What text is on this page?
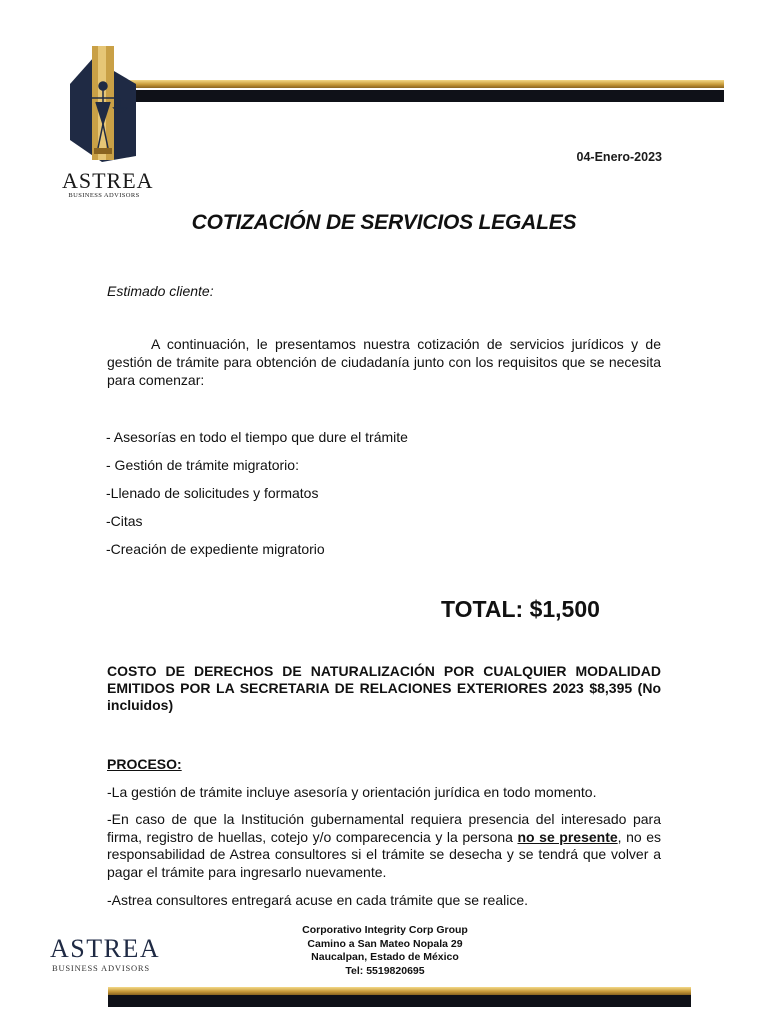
ASTREA
BUSINESS ADVISORS
04-Enero-2023
COTIZACIÓN DE SERVICIOS LEGALES
Estimado cliente:
A continuación, le presentamos nuestra cotización de servicios jurídicos y de gestión de trámite para obtención de ciudadanía junto con los requisitos que se necesita para comenzar:
- Asesorías en todo el tiempo que dure el trámite
- Gestión de trámite migratorio:
-Llenado de solicitudes y formatos
-Citas
-Creación de expediente migratorio
TOTAL: $1,500
COSTO DE DERECHOS DE NATURALIZACIÓN POR CUALQUIER MODALIDAD EMITIDOS POR LA SECRETARIA DE RELACIONES EXTERIORES 2023 $8,395 (No incluidos)
PROCESO:
-La gestión de trámite incluye asesoría y orientación jurídica en todo momento.
-En caso de que la Institución gubernamental requiera presencia del interesado para firma, registro de huellas, cotejo y/o comparecencia y la persona no se presente, no es responsabilidad de Astrea consultores si el trámite se desecha y se tendrá que volver a pagar el trámite para ingresarlo nuevamente.
-Astrea consultores entregará acuse en cada trámite que se realice.
ASTREA
BUSINESS ADVISORS
Corporativo Integrity Corp Group
Camino a San Mateo Nopala 29
Naucalpan, Estado de México
Tel: 5519820695
